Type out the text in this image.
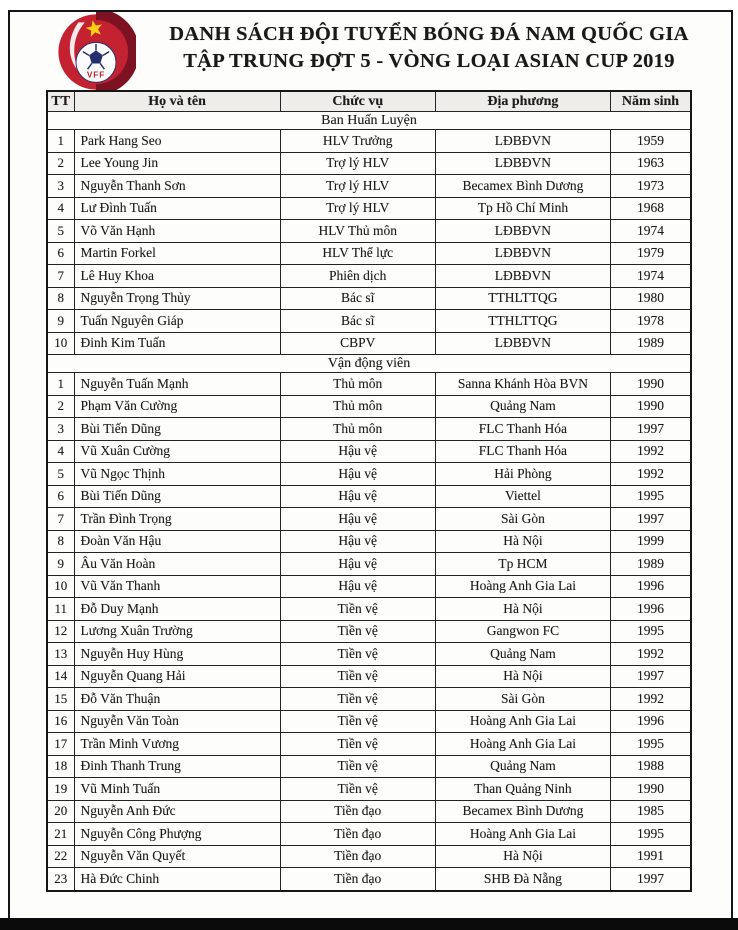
VFF
DANH SÁCH ĐỘI TUYỂN BÓNG ĐÁ NAM QUỐC GIA
TẬP TRUNG ĐỢT 5 - VÒNG LOẠI ASIAN CUP 2019
TT	Họ và tên	Chức vụ	Địa phương	Năm sinh
Ban Huấn Luyện				
1	Park Hang Seo	HLV Trưởng	LĐBĐVN	1959
2	Lee Young Jin	Trợ lý HLV	LĐBĐVN	1963
3	Nguyễn Thanh Sơn	Trợ lý HLV	Becamex Bình Dương	1973
4	Lư Đình Tuấn	Trợ lý HLV	Tp Hồ Chí Minh	1968
5	Võ Văn Hạnh	HLV Thủ môn	LĐBĐVN	1974
6	Martin Forkel	HLV Thể lực	LĐBĐVN	1979
7	Lê Huy Khoa	Phiên dịch	LĐBĐVN	1974
8	Nguyễn Trọng Thủy	Bác sĩ	TTHLTTQG	1980
9	Tuấn Nguyên Giáp	Bác sĩ	TTHLTTQG	1978
10	Đinh Kim Tuấn	CBPV	LĐBĐVN	1989
Vận động viên				
1	Nguyễn Tuấn Mạnh	Thủ môn	Sanna Khánh Hòa BVN	1990
2	Phạm Văn Cường	Thủ môn	Quảng Nam	1990
3	Bùi Tiến Dũng	Thủ môn	FLC Thanh Hóa	1997
4	Vũ Xuân Cường	Hậu vệ	FLC Thanh Hóa	1992
5	Vũ Ngọc Thịnh	Hậu vệ	Hải Phòng	1992
6	Bùi Tiến Dũng	Hậu vệ	Viettel	1995
7	Trần Đình Trọng	Hậu vệ	Sài Gòn	1997
8	Đoàn Văn Hậu	Hậu vệ	Hà Nội	1999
9	Âu Văn Hoàn	Hậu vệ	Tp HCM	1989
10	Vũ Văn Thanh	Hậu vệ	Hoàng Anh Gia Lai	1996
11	Đỗ Duy Mạnh	Tiền vệ	Hà Nội	1996
12	Lương Xuân Trường	Tiền vệ	Gangwon FC	1995
13	Nguyễn Huy Hùng	Tiền vệ	Quảng Nam	1992
14	Nguyễn Quang Hải	Tiền vệ	Hà Nội	1997
15	Đỗ Văn Thuận	Tiền vệ	Sài Gòn	1992
16	Nguyễn Văn Toàn	Tiền vệ	Hoàng Anh Gia Lai	1996
17	Trần Minh Vương	Tiền vệ	Hoàng Anh Gia Lai	1995
18	Đinh Thanh Trung	Tiền vệ	Quảng Nam	1988
19	Vũ Minh Tuấn	Tiền vệ	Than Quảng Ninh	1990
20	Nguyễn Anh Đức	Tiền đạo	Becamex Bình Dương	1985
21	Nguyễn Công Phượng	Tiền đạo	Hoàng Anh Gia Lai	1995
22	Nguyễn Văn Quyết	Tiền đạo	Hà Nội	1991
23	Hà Đức Chinh	Tiền đạo	SHB Đà Nẵng	1997
